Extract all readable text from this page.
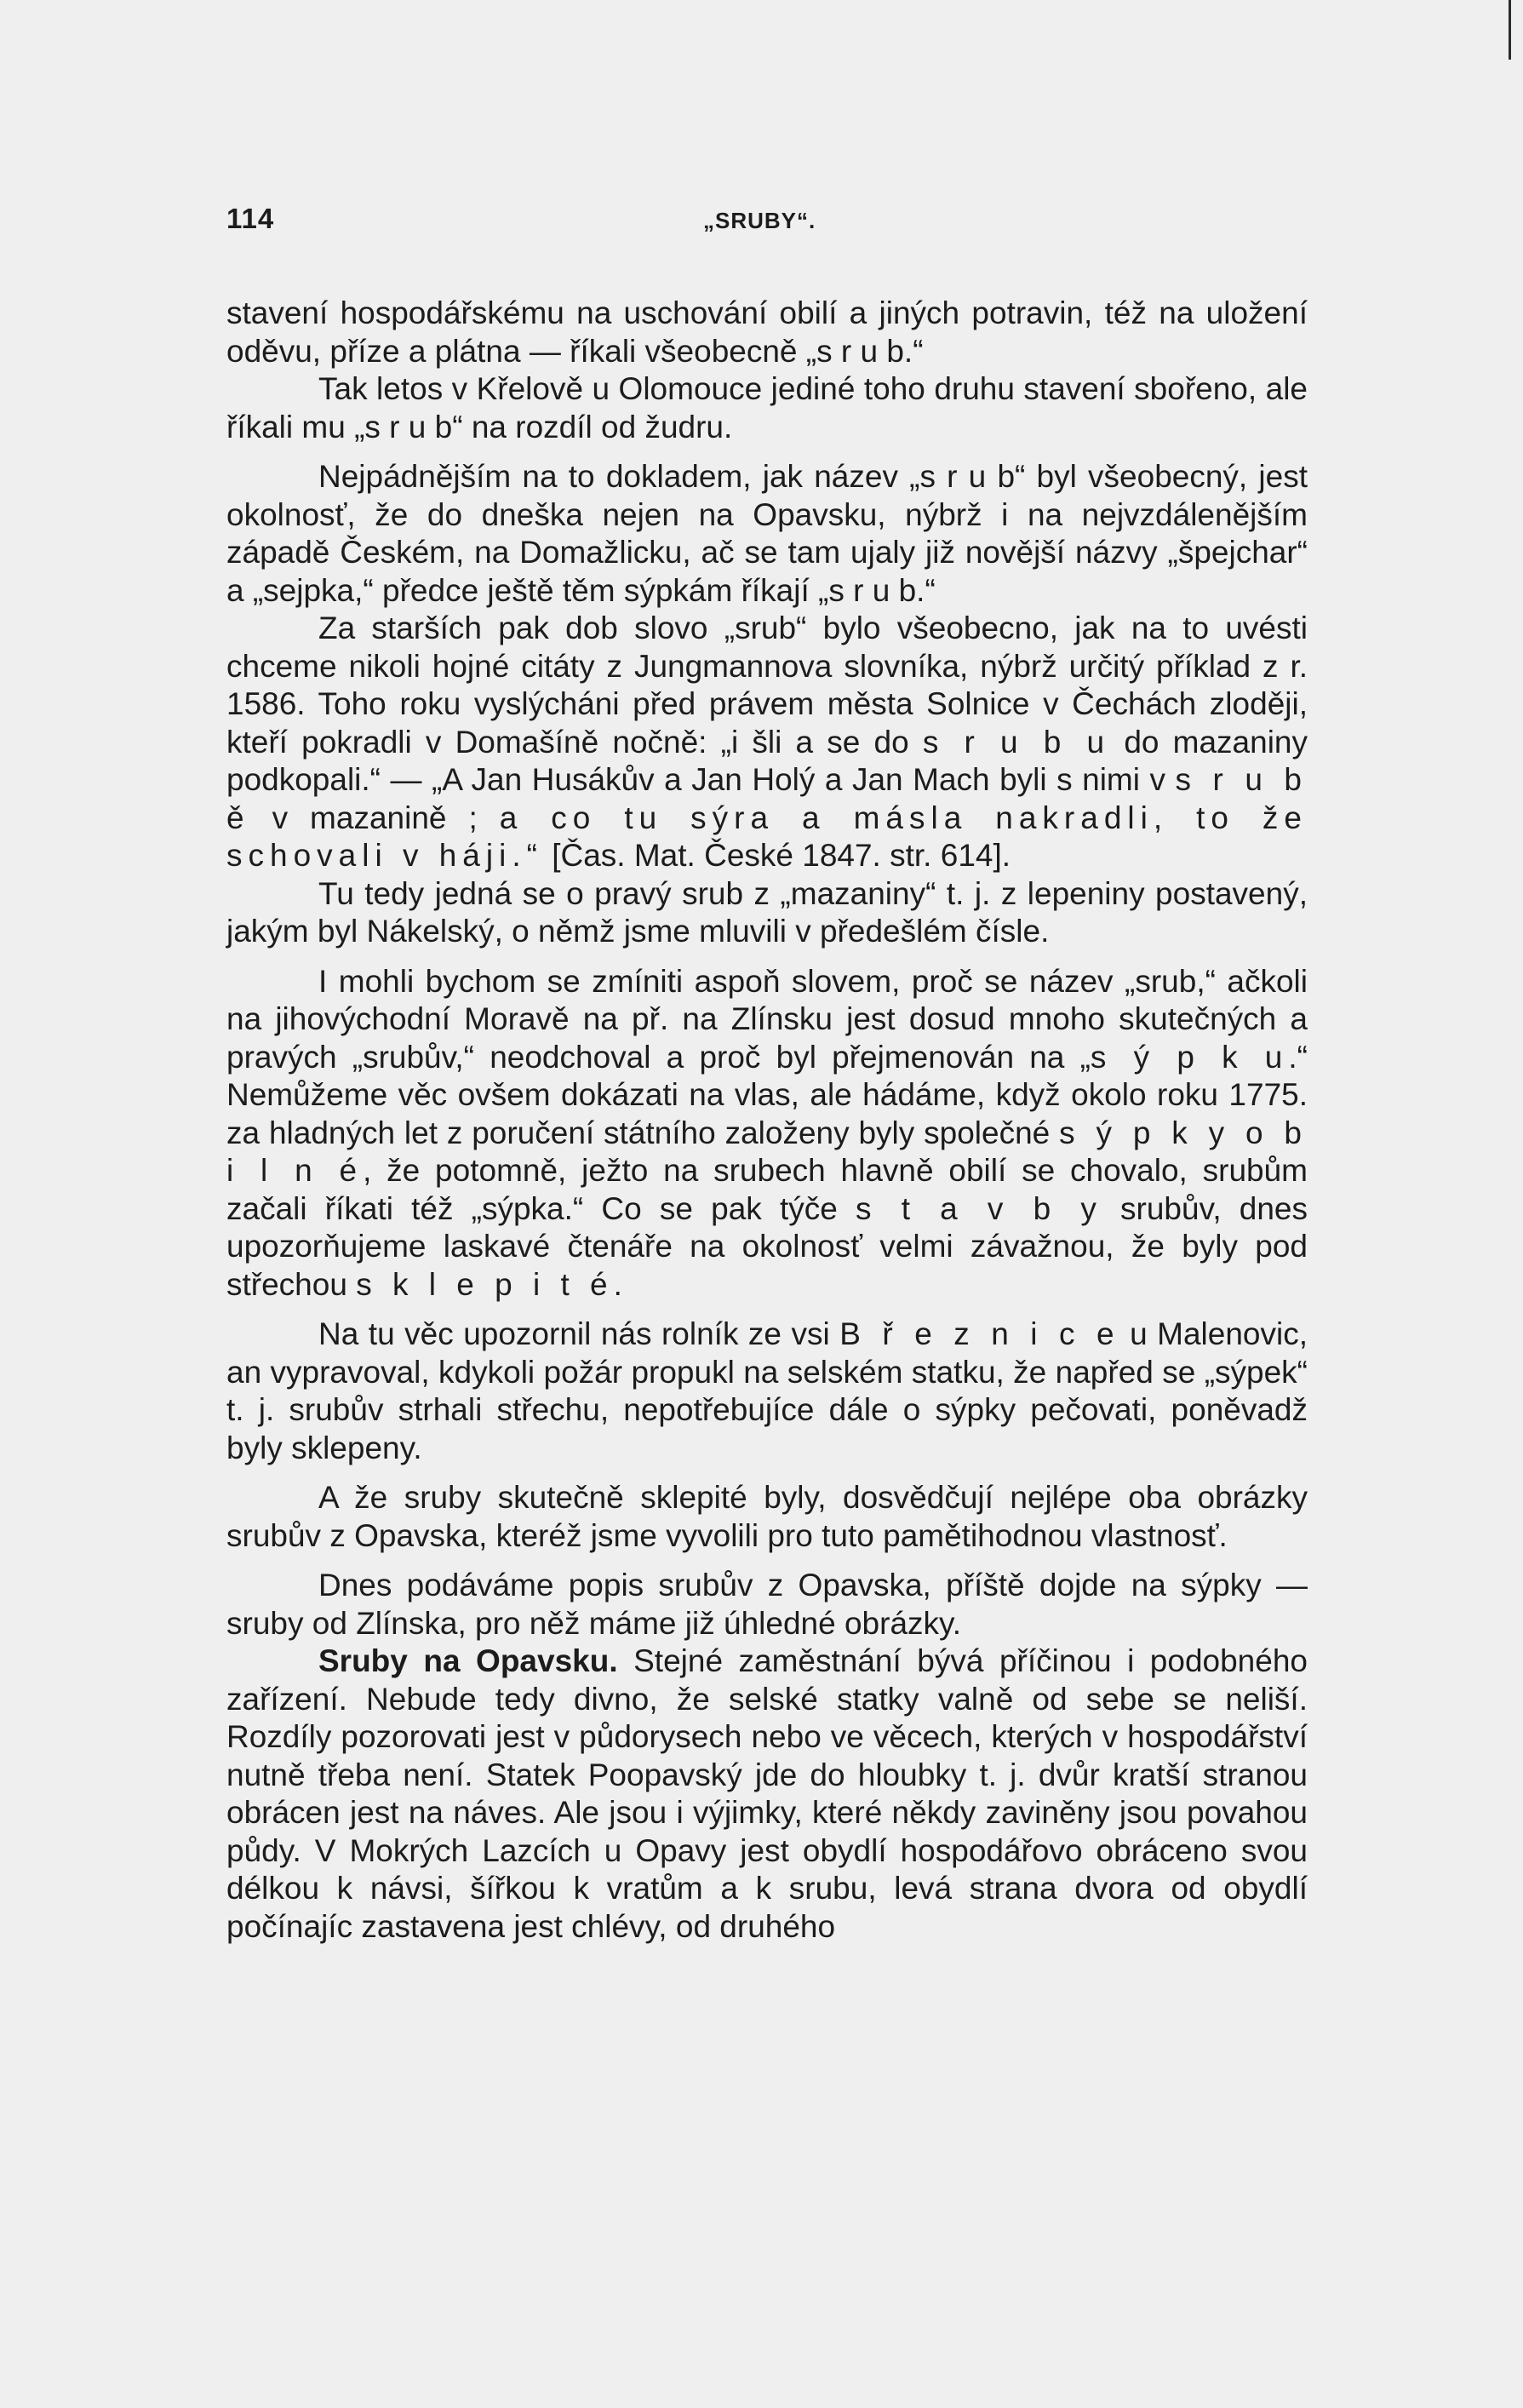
114	„SRUBY“.

stavení hospodářskému na uschování obilí a jiných potravin, též na uložení oděvu, příze a plátna — říkali všeobecně „s r u b.“

Tak letos v Křelově u Olomouce jediné toho druhu stavení sbořeno, ale říkali mu „s r u b“ na rozdíl od žudru.

Nejpádnějším na to dokladem, jak název „s r u b“ byl všeobecný, jest okolnosť, že do dneška nejen na Opavsku, nýbrž i na nejvzdálenějším západě Českém, na Domažlicku, ač se tam ujaly již novější názvy „špejchar“ a „sejpka,“ předce ještě těm sýpkám říkají „s r u b.“

Za starších pak dob slovo „srub“ bylo všeobecno, jak na to uvésti chceme nikoli hojné citáty z Jungmannova slovníka, nýbrž určitý příklad z r. 1586. Toho roku vyslýcháni před právem města Solnice v Čechách zloději, kteří pokradli v Domašíně nočně: „i šli a se do s r u b u do mazaniny podkopali.“ — „A Jan Husákův a Jan Holý a Jan Mach byli s nimi v s r u b ě v mazanině ; a co tu sýra a másla nakradli, to že schovali v háji.“ [Čas. Mat. České 1847. str. 614].

Tu tedy jedná se o pravý srub z „mazaniny“ t. j. z lepeniny postavený, jakým byl Nákelský, o němž jsme mluvili v předešlém čísle.

I mohli bychom se zmíniti aspoň slovem, proč se název „srub,“ ačkoli na jihovýchodní Moravě na př. na Zlínsku jest dosud mnoho skutečných a pravých „srubův,“ neodchoval a proč byl přejmenován na „s ý p k u.“ Nemůžeme věc ovšem dokázati na vlas, ale hádáme, když okolo roku 1775. za hladných let z poručení státního založeny byly společné s ý p k y o b i l n é, že potomně, ježto na srubech hlavně obilí se chovalo, srubům začali říkati též „sýpka.“ Co se pak týče s t a v b y srubův, dnes upozorňujeme laskavé čtenáře na okolnosť velmi závažnou, že byly pod střechou s k l e p i t é.

Na tu věc upozornil nás rolník ze vsi B ř e z n i c e u Malenovic, an vypravoval, kdykoli požár propukl na selském statku, že napřed se „sýpek“ t. j. srubův strhali střechu, nepotřebujíce dále o sýpky pečovati, poněvadž byly sklepeny.

A že sruby skutečně sklepité byly, dosvědčují nejlépe oba obrázky srubův z Opavska, kteréž jsme vyvolili pro tuto pamětihodnou vlastnosť.

Dnes podáváme popis srubův z Opavska, příště dojde na sýpky — sruby od Zlínska, pro něž máme již úhledné obrázky.

Sruby na Opavsku. Stejné zaměstnání bývá příčinou i podobného zařízení. Nebude tedy divno, že selské statky valně od sebe se neliší. Rozdíly pozorovati jest v půdorysech nebo ve věcech, kterých v hospodářství nutně třeba není. Statek Poopavský jde do hloubky t. j. dvůr kratší stranou obrácen jest na náves. Ale jsou i výjimky, které někdy zaviněny jsou povahou půdy. V Mokrých Lazcích u Opavy jest obydlí hospodářovo obráceno svou délkou k návsi, šířkou k vratům a k srubu, levá strana dvora od obydlí počínajíc zastavena jest chlévy, od druhého
